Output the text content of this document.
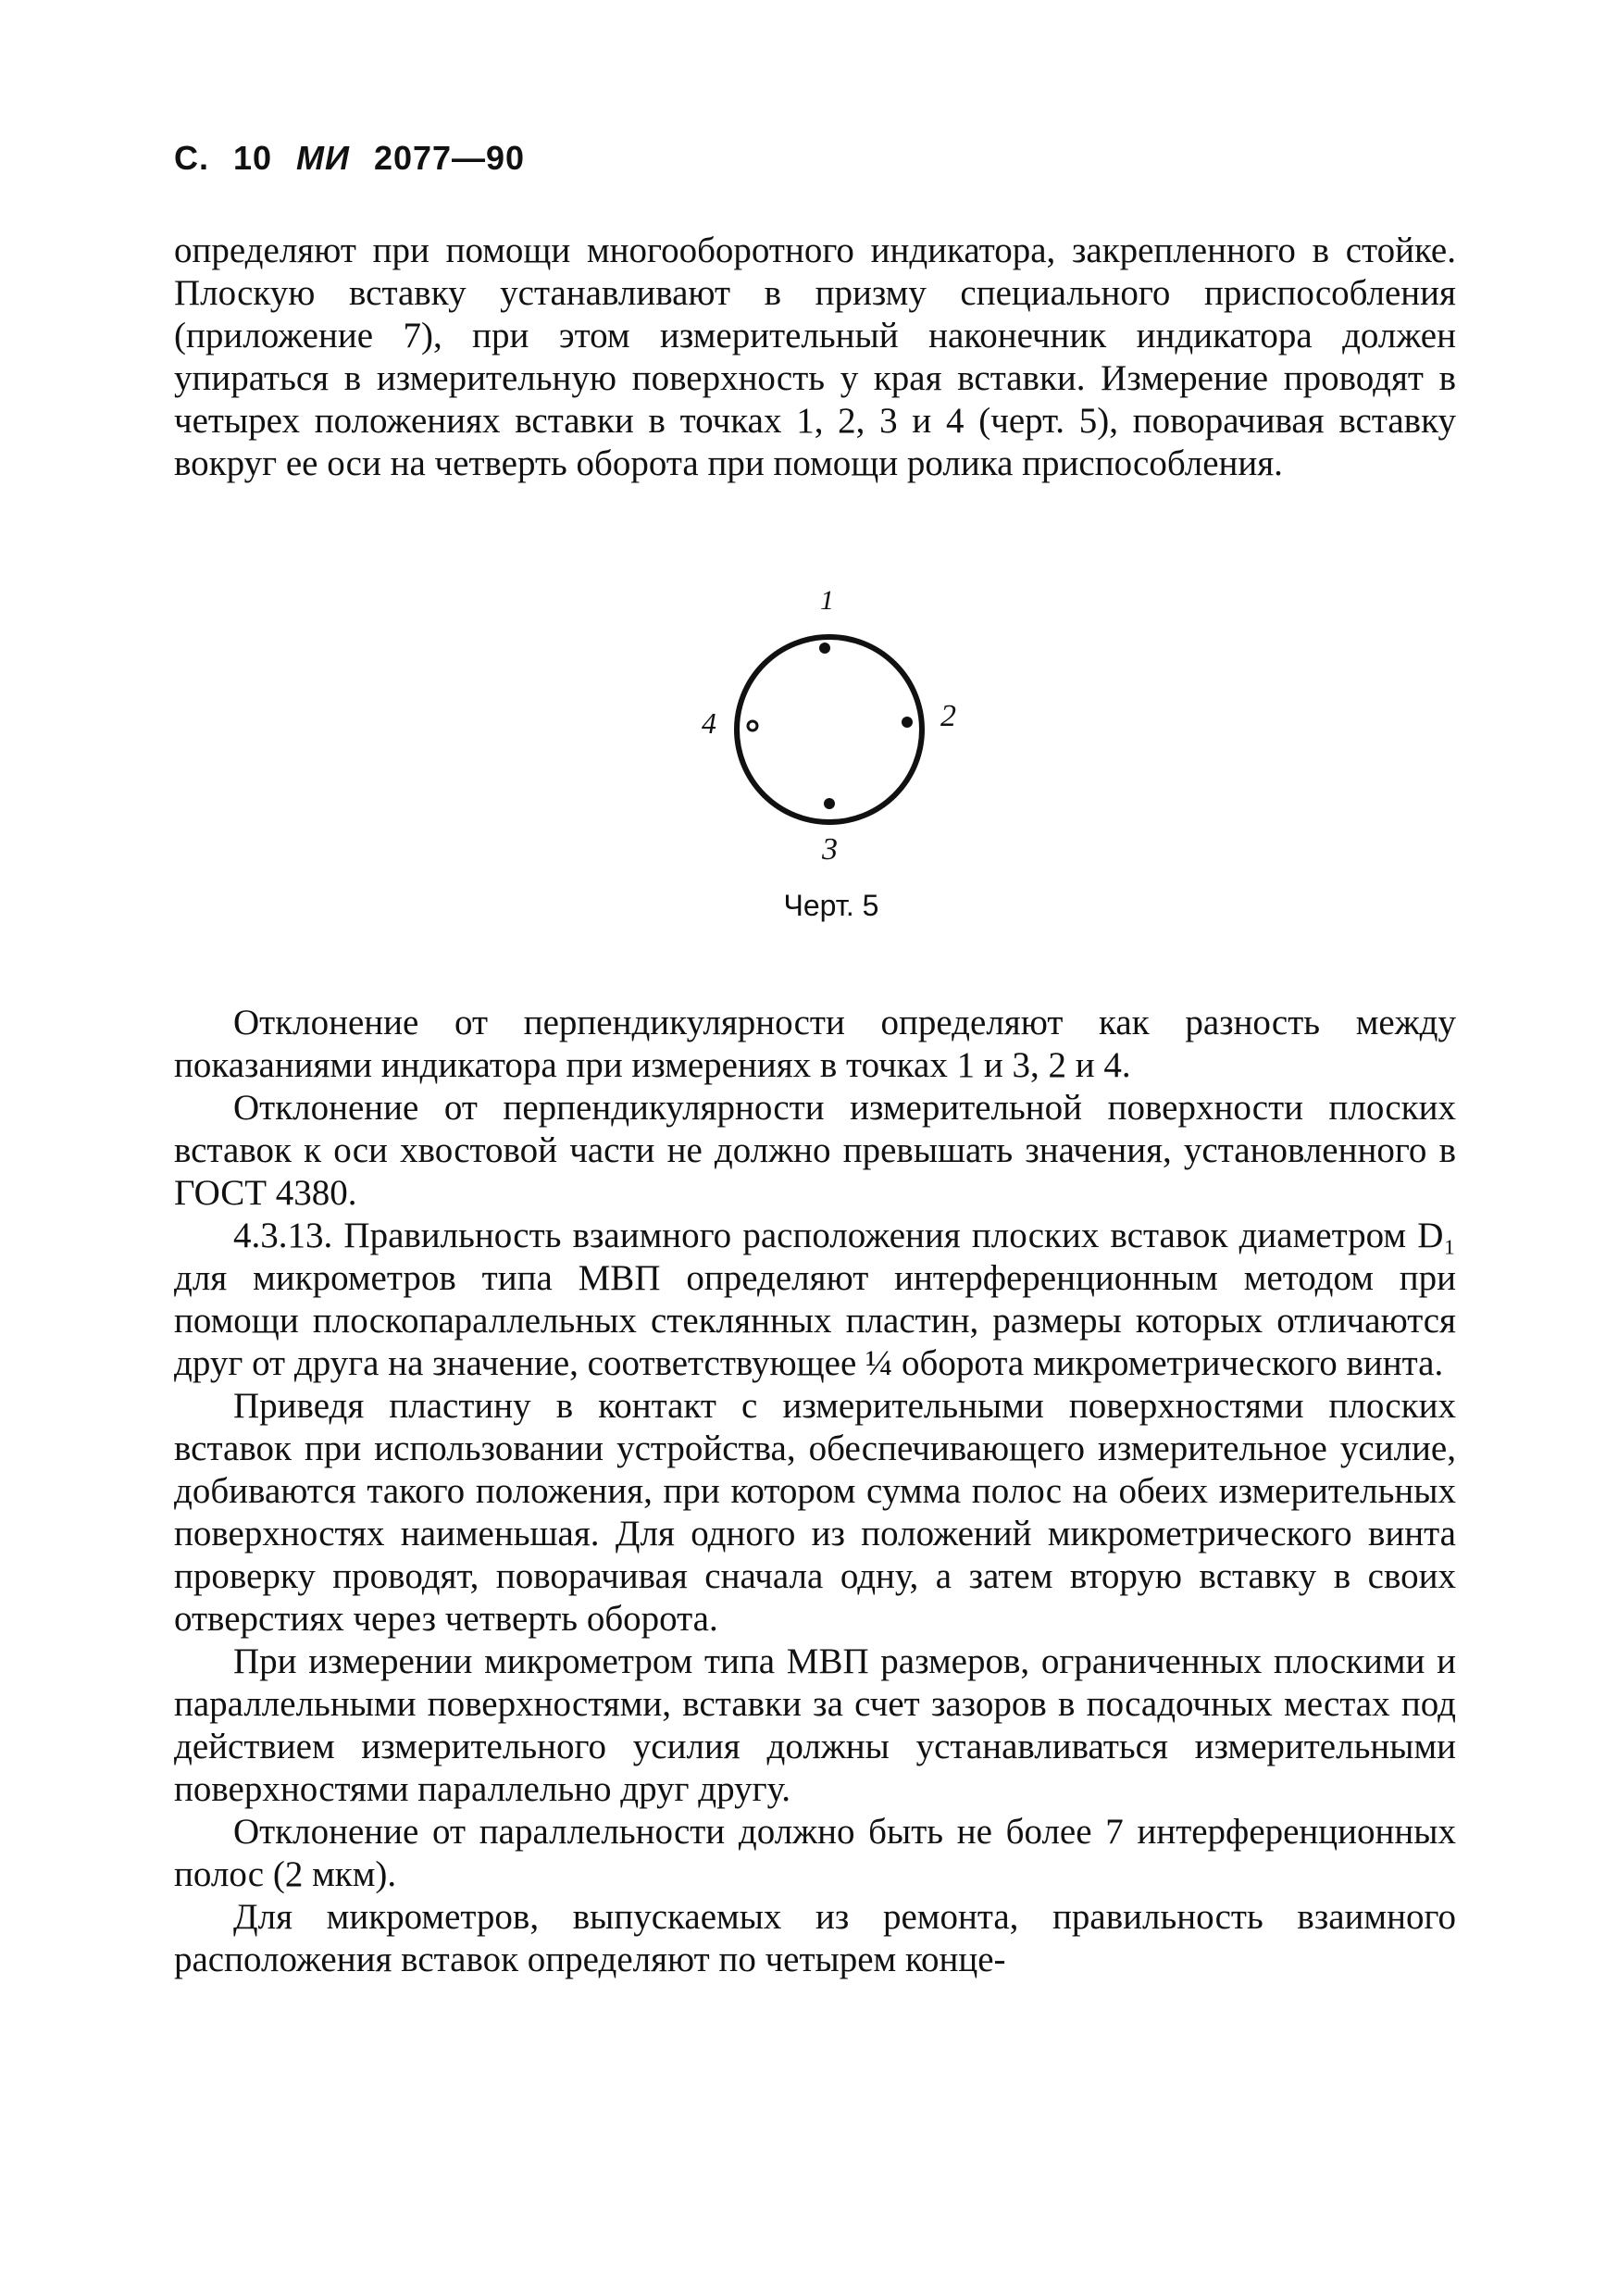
С. 10 МИ 2077—90

определяют при помощи многооборотного индикатора, закрепленного в стойке. Плоскую вставку устанавливают в призму специального приспособления (приложение 7), при этом измерительный наконечник индикатора должен упираться в измерительную поверхность у края вставки. Измерение проводят в четырех положениях вставки в точках 1, 2, 3 и 4 (черт. 5), поворачивая вставку вокруг ее оси на четверть оборота при помощи ролика приспособления.

1
2
3
4
Черт. 5

Отклонение от перпендикулярности определяют как разность между показаниями индикатора при измерениях в точках 1 и 3, 2 и 4.

Отклонение от перпендикулярности измерительной поверхности плоских вставок к оси хвостовой части не должно превышать значения, установленного в ГОСТ 4380.

4.3.13. Правильность взаимного расположения плоских вставок диаметром D₁ для микрометров типа МВП определяют интерференционным методом при помощи плоскопараллельных стеклянных пластин, размеры которых отличаются друг от друга на значение, соответствующее ¼ оборота микрометрического винта.

Приведя пластину в контакт с измерительными поверхностями плоских вставок при использовании устройства, обеспечивающего измерительное усилие, добиваются такого положения, при котором сумма полос на обеих измерительных поверхностях наименьшая. Для одного из положений микрометрического винта проверку проводят, поворачивая сначала одну, а затем вторую вставку в своих отверстиях через четверть оборота.

При измерении микрометром типа МВП размеров, ограниченных плоскими и параллельными поверхностями, вставки за счет зазоров в посадочных местах под действием измерительного усилия должны устанавливаться измерительными поверхностями параллельно друг другу.

Отклонение от параллельности должно быть не более 7 интерференционных полос (2 мкм).

Для микрометров, выпускаемых из ремонта, правильность взаимного расположения вставок определяют по четырем конце-
